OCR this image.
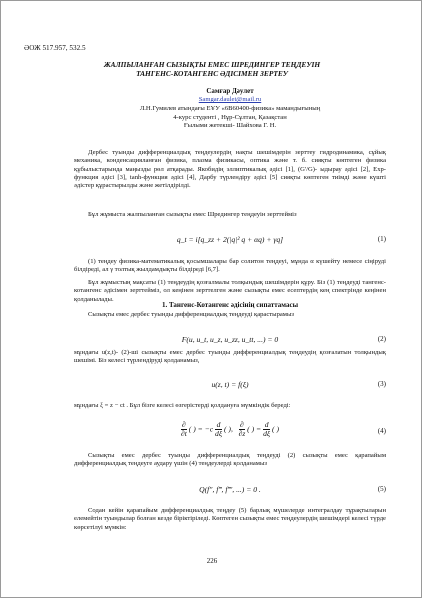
ӘОЖ 517.957, 532.5

ЖАЛПЫЛАНҒАН СЫЗЫҚТЫ ЕМЕС ШРЕДИНГЕР ТЕҢДЕУІН
ТАНГЕНС-КОТАНГЕНС ӘДІСІМЕН ЗЕРТЕУ

Самғар Дәулет

Samgar.daulet@mail.ru

Л.Н.Гумилев атындағы ЕҰУ «6В60400-физика» мамандығының

4-курс студенті , Нұр-Сұлтан, Қазақстан

Ғылыми жетекші- Шайхова Г. Н.

Дербес туынды дифференциалдық теңдеулердің нақты шешімдерін зерттеу гидродинамика, сұйық механика, конденсацияланған физика, плазма физикасы, оптика және т. б. сияқты көптеген физика құбылыстарында маңызды рөл атқарады. Якобидің эллиптикалық әдісі [1], (G'/G)- ыдырау әдісі [2], Exp-функция әдісі [3], tanh-функция әдісі [4], Дарбу түрлендіру әдісі [5] сияқты көптеген тиімді және күшті әдістер құрастырылды және жетілдірілді.

Бұл жұмыста жалпыланған сызықты емес Шредингер теңдеуін зерттейміз

q_t = i[q_zz + 2(|q|² q + αq) + γq]	(1)

(1) теңдеу физика-математикалық қосымшалары бар солитон теңдеуі, мұнда α күшейту немесе сіңіруді білдіреді, ал γ толтық жылдамдықты білдіреді [6,7].

Бұл жұмыстың мақсаты (1) теңдеудің қозғалмалы толқындық шешімдерін құру. Біз (1) теңдеуді тангенс-котангенс әдісімен зерттейміз, ол кеңінен зерттелген және сызықты емес есептердің кең спектрінде кеңінен қолданылады.

1. Тангенс-Котангенс әдісінің сипаттамасы

Сызықты емес дербес туынды дифференциалдық теңдеуді қарастырамыз

F(u, u_t, u_z, u_zz, u_tt, ...) = 0	(2)

мұндағы u(z,t)- (2)-ші сызықты емес дербес туынды дифференциалдық теңдеудің қозғалатын толқындық шешімі. Біз келесі түрлендіруді қолданамыз,

u(z, t) = f(ξ)	(3)

мұндағы ξ = z − ct . Бұл бізге келесі өзгерістерді қолдануға мүмкіндік береді:

$\frac{\partial}{\partial t}$ ( ) = $-c \frac{d}{d\xi}$ ( ), $\frac{\partial}{\partial z}$ ( ) = $\frac{d}{d\xi}$ ( )	(4)

Сызықты емес дербес туынды дифференциалдық теңдеуді (2) сызықты емес қарапайым дифференциалдық теңдеуге аудару үшін (4) теңдеулерді қолданамыз

Q(f″, f‴, f‴′, ...) = 0 .	(5)

Содан кейін қарапайым дифференциалдық теңдеу (5) барлық мүшелерде интегралдау тұрақтыларын елемейтін туындылар болған кезде біріктіріледі. Көптеген сызықты емес теңдеулердің шешімдері келесі түрде көрсетілуі мүмкін:

226
